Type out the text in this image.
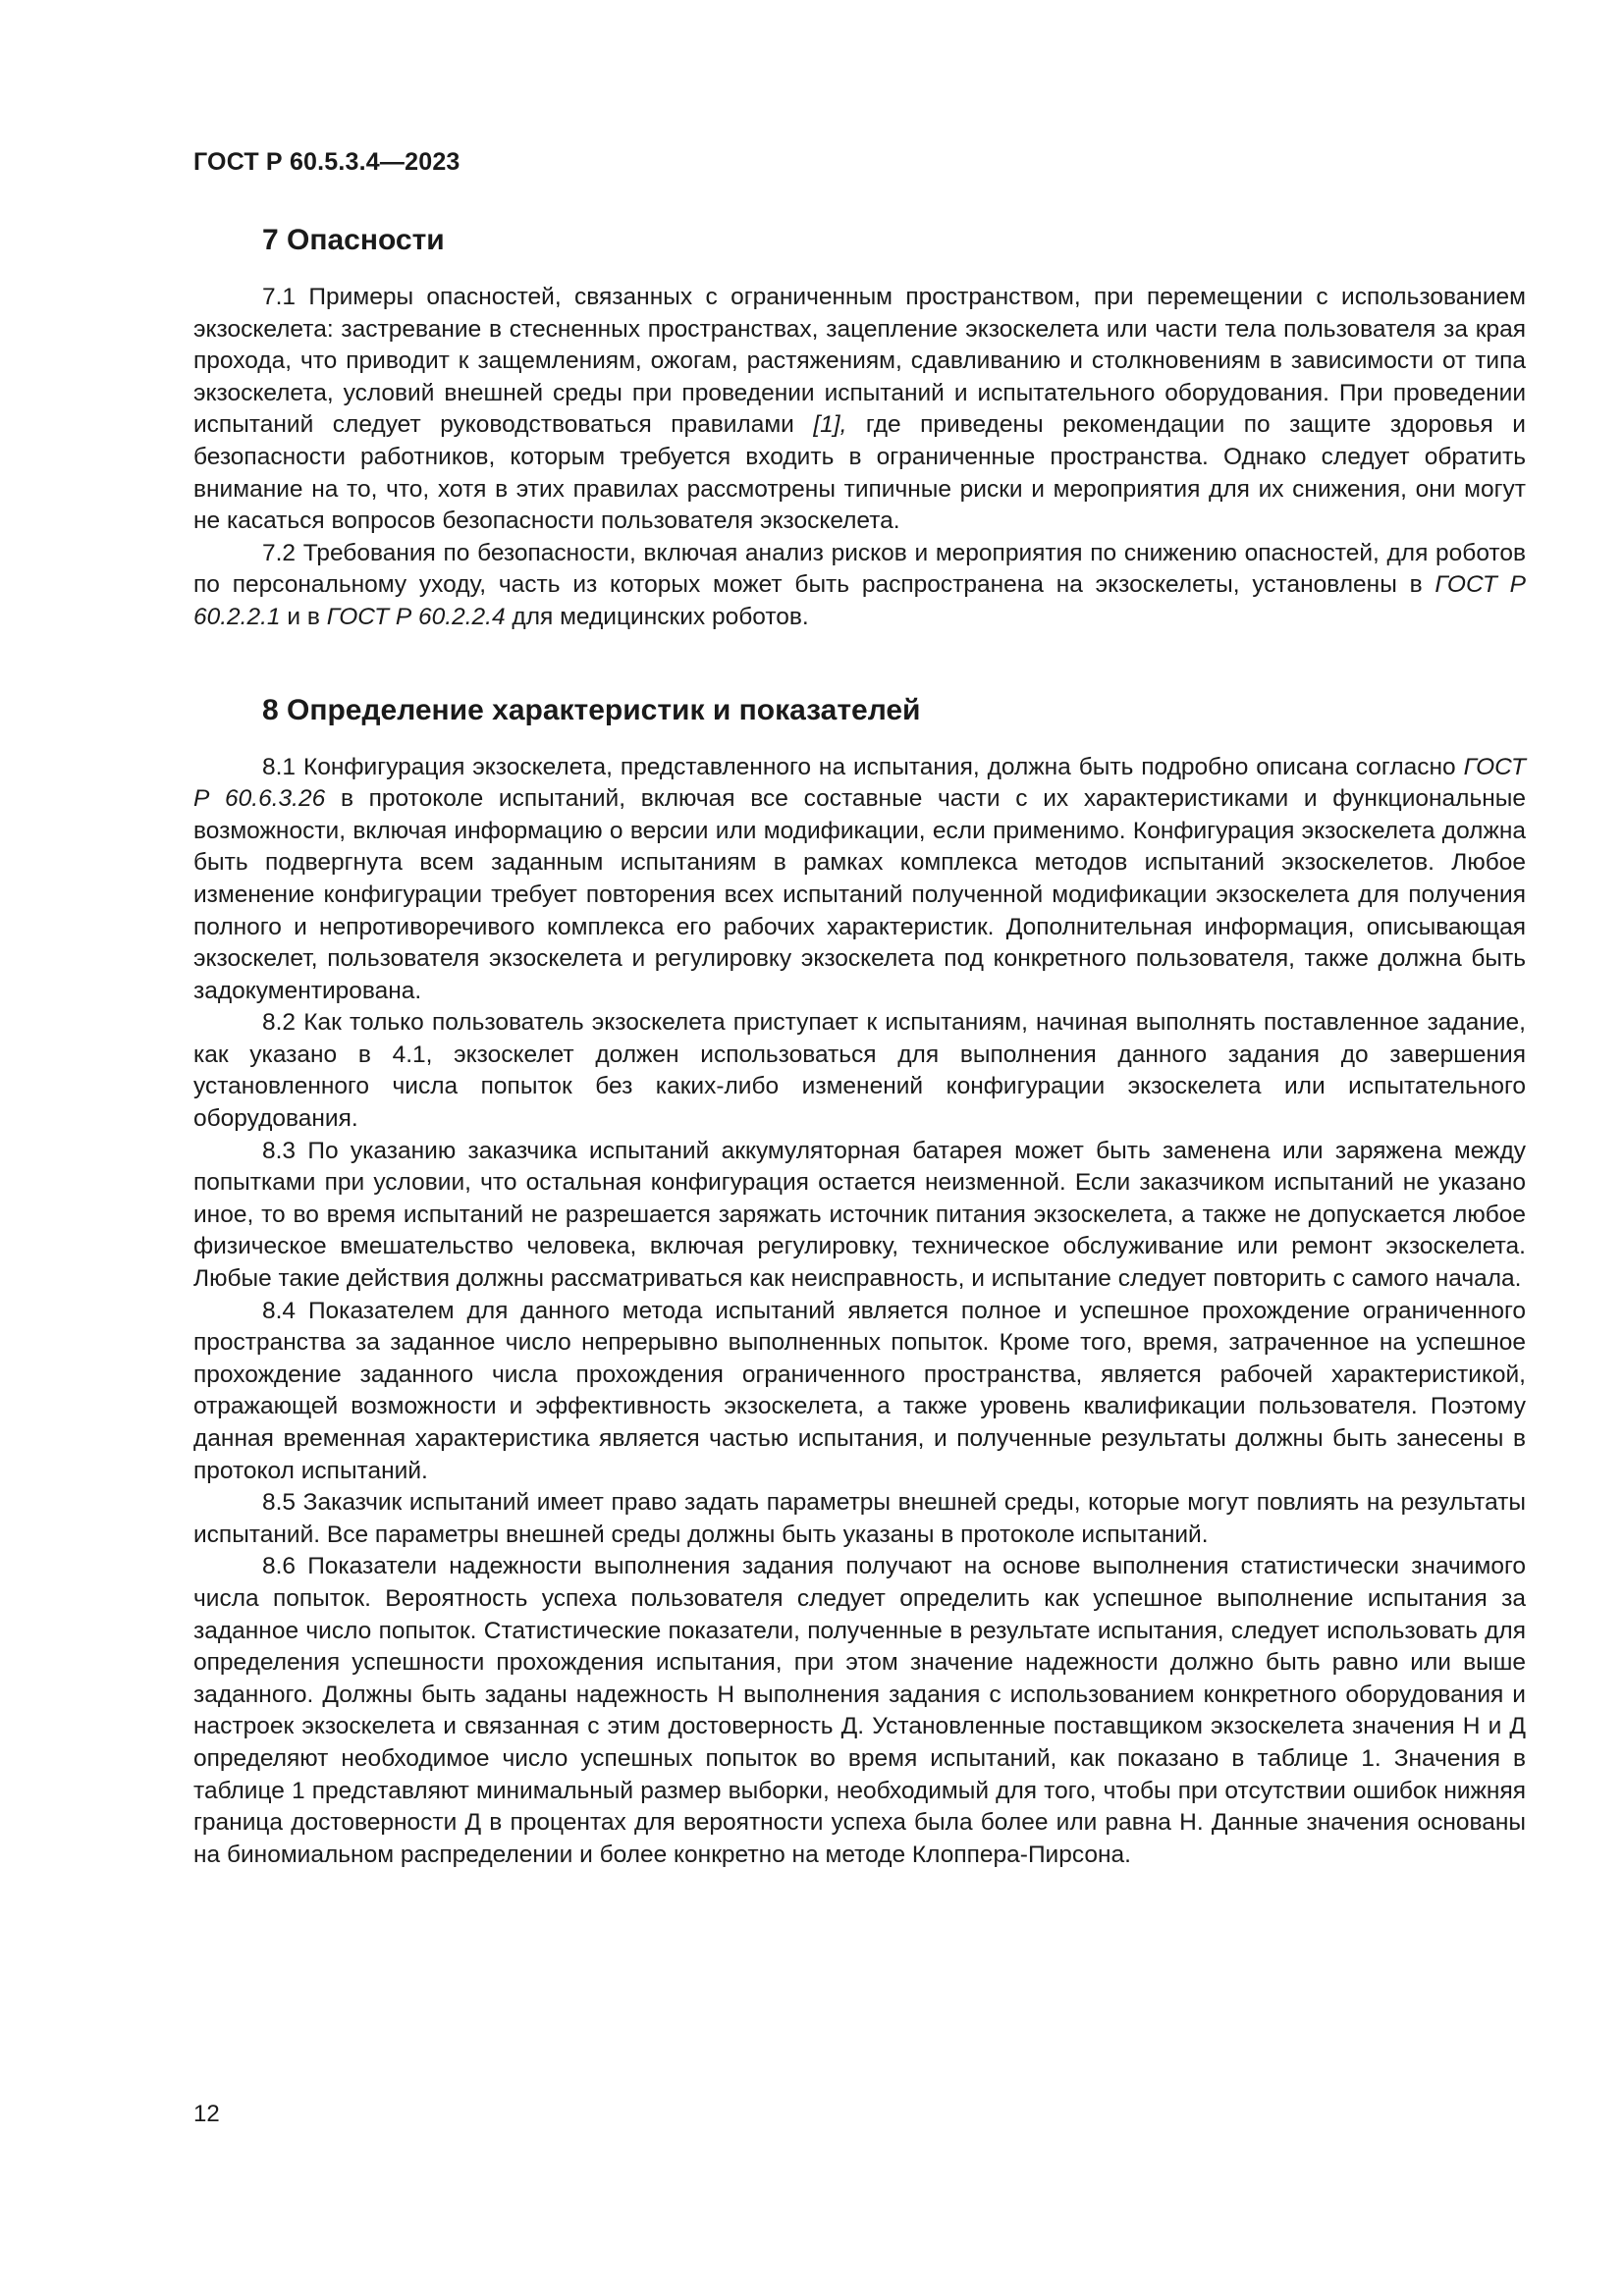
ГОСТ Р 60.5.3.4—2023
7 Опасности

7.1 Примеры опасностей, связанных с ограниченным пространством, при перемещении с использованием экзоскелета: застревание в стесненных пространствах, зацепление экзоскелета или части тела пользователя за края прохода, что приводит к защемлениям, ожогам, растяжениям, сдавливанию и столкновениям в зависимости от типа экзоскелета, условий внешней среды при проведении испытаний и испытательного оборудования. При проведении испытаний следует руководствоваться правилами [1], где приведены рекомендации по защите здоровья и безопасности работников, которым требуется входить в ограниченные пространства. Однако следует обратить внимание на то, что, хотя в этих правилах рассмотрены типичные риски и мероприятия для их снижения, они могут не касаться вопросов безопасности пользователя экзоскелета.

7.2 Требования по безопасности, включая анализ рисков и мероприятия по снижению опасностей, для роботов по персональному уходу, часть из которых может быть распространена на экзоскелеты, установлены в ГОСТ Р 60.2.2.1 и в ГОСТ Р 60.2.2.4 для медицинских роботов.

8 Определение характеристик и показателей

8.1 Конфигурация экзоскелета, представленного на испытания, должна быть подробно описана согласно ГОСТ Р 60.6.3.26 в протоколе испытаний, включая все составные части с их характеристиками и функциональные возможности, включая информацию о версии или модификации, если применимо. Конфигурация экзоскелета должна быть подвергнута всем заданным испытаниям в рамках комплекса методов испытаний экзоскелетов. Любое изменение конфигурации требует повторения всех испытаний полученной модификации экзоскелета для получения полного и непротиворечивого комплекса его рабочих характеристик. Дополнительная информация, описывающая экзоскелет, пользователя экзоскелета и регулировку экзоскелета под конкретного пользователя, также должна быть задокументирована.

8.2 Как только пользователь экзоскелета приступает к испытаниям, начиная выполнять поставленное задание, как указано в 4.1, экзоскелет должен использоваться для выполнения данного задания до завершения установленного числа попыток без каких-либо изменений конфигурации экзоскелета или испытательного оборудования.

8.3 По указанию заказчика испытаний аккумуляторная батарея может быть заменена или заряжена между попытками при условии, что остальная конфигурация остается неизменной. Если заказчиком испытаний не указано иное, то во время испытаний не разрешается заряжать источник питания экзоскелета, а также не допускается любое физическое вмешательство человека, включая регулировку, техническое обслуживание или ремонт экзоскелета. Любые такие действия должны рассматриваться как неисправность, и испытание следует повторить с самого начала.

8.4 Показателем для данного метода испытаний является полное и успешное прохождение ограниченного пространства за заданное число непрерывно выполненных попыток. Кроме того, время, затраченное на успешное прохождение заданного числа прохождения ограниченного пространства, является рабочей характеристикой, отражающей возможности и эффективность экзоскелета, а также уровень квалификации пользователя. Поэтому данная временная характеристика является частью испытания, и полученные результаты должны быть занесены в протокол испытаний.

8.5 Заказчик испытаний имеет право задать параметры внешней среды, которые могут повлиять на результаты испытаний. Все параметры внешней среды должны быть указаны в протоколе испытаний.

8.6 Показатели надежности выполнения задания получают на основе выполнения статистически значимого числа попыток. Вероятность успеха пользователя следует определить как успешное выполнение испытания за заданное число попыток. Статистические показатели, полученные в результате испытания, следует использовать для определения успешности прохождения испытания, при этом значение надежности должно быть равно или выше заданного. Должны быть заданы надежность Н выполнения задания с использованием конкретного оборудования и настроек экзоскелета и связанная с этим достоверность Д. Установленные поставщиком экзоскелета значения Н и Д определяют необходимое число успешных попыток во время испытаний, как показано в таблице 1. Значения в таблице 1 представляют минимальный размер выборки, необходимый для того, чтобы при отсутствии ошибок нижняя граница достоверности Д в процентах для вероятности успеха была более или равна Н. Данные значения основаны на биномиальном распределении и более конкретно на методе Клоппера-Пирсона.

12
